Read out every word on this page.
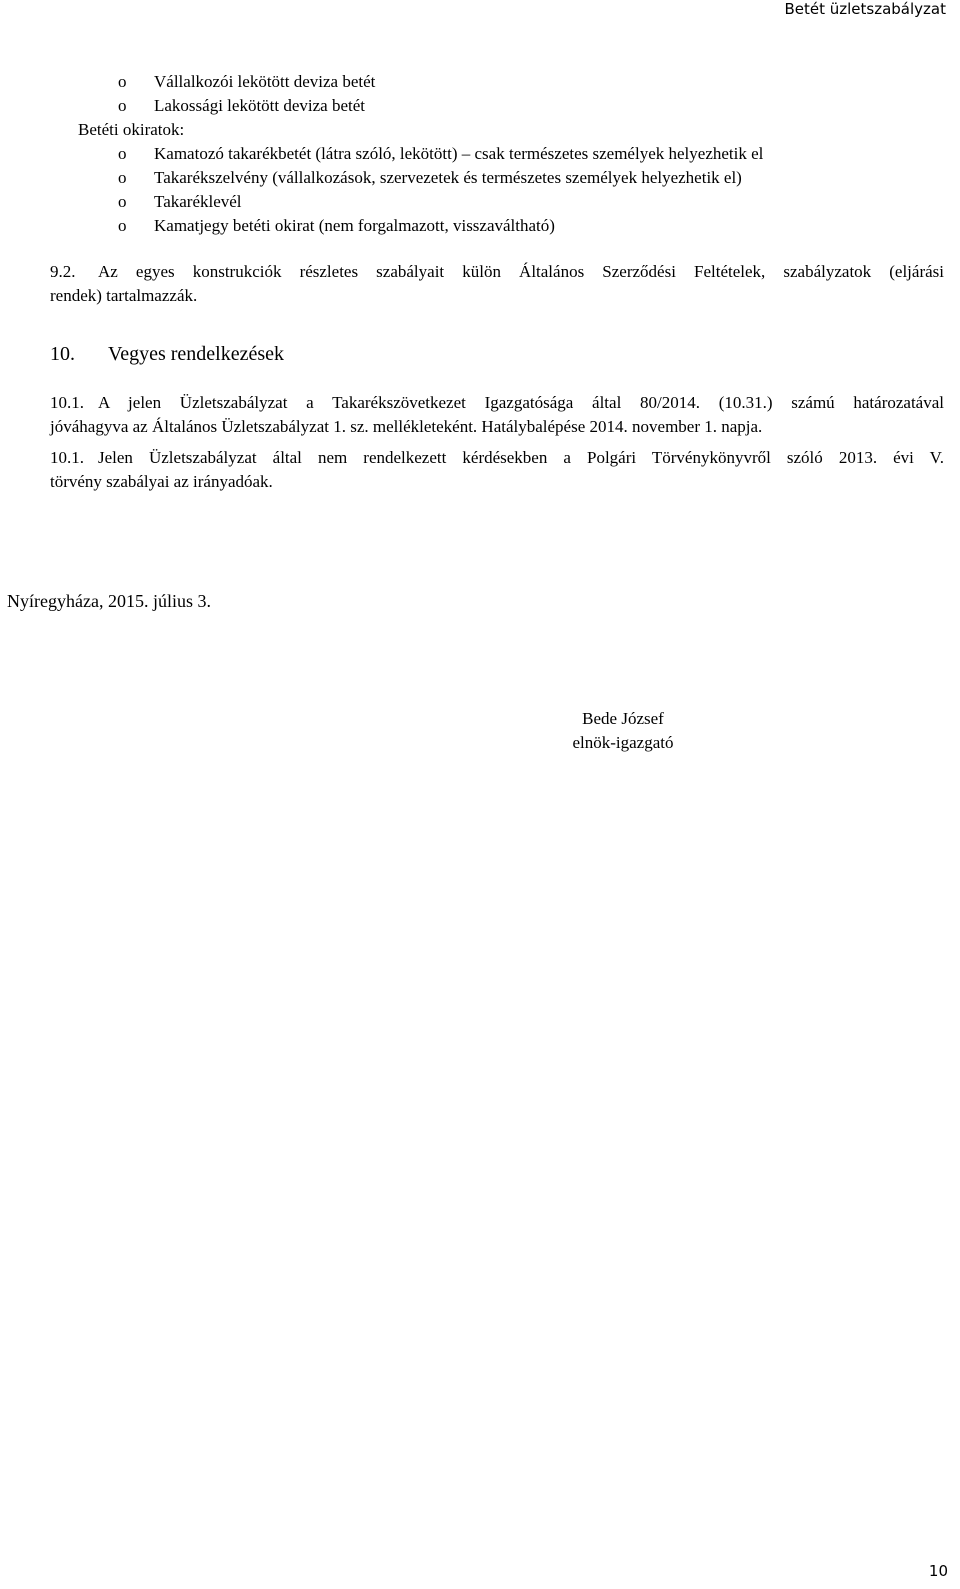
Betét üzletszabályzat
o Vállalkozói lekötött deviza betét
o Lakossági lekötött deviza betét
Betéti okiratok:
o Kamatozó takarékbetét (látra szóló, lekötött) – csak természetes személyek helyezhetik el
o Takarékszelvény (vállalkozások, szervezetek és természetes személyek helyezhetik el)
o Takaréklevél
o Kamatjegy betéti okirat (nem forgalmazott, visszaváltható)
9.2. Az egyes konstrukciók részletes szabályait külön Általános Szerződési Feltételek, szabályzatok (eljárási
rendek) tartalmazzák.
10. Vegyes rendelkezések
10.1. A jelen Üzletszabályzat a Takarékszövetkezet Igazgatósága által 80/2014. (10.31.) számú határozatával
jóváhagyva az Általános Üzletszabályzat 1. sz. mellékleteként. Hatálybalépése 2014. november 1. napja.
10.1. Jelen Üzletszabályzat által nem rendelkezett kérdésekben a Polgári Törvénykönyvről szóló 2013. évi V.
törvény szabályai az irányadóak.
Nyíregyháza, 2015. július 3.
Bede József
elnök-igazgató
10
